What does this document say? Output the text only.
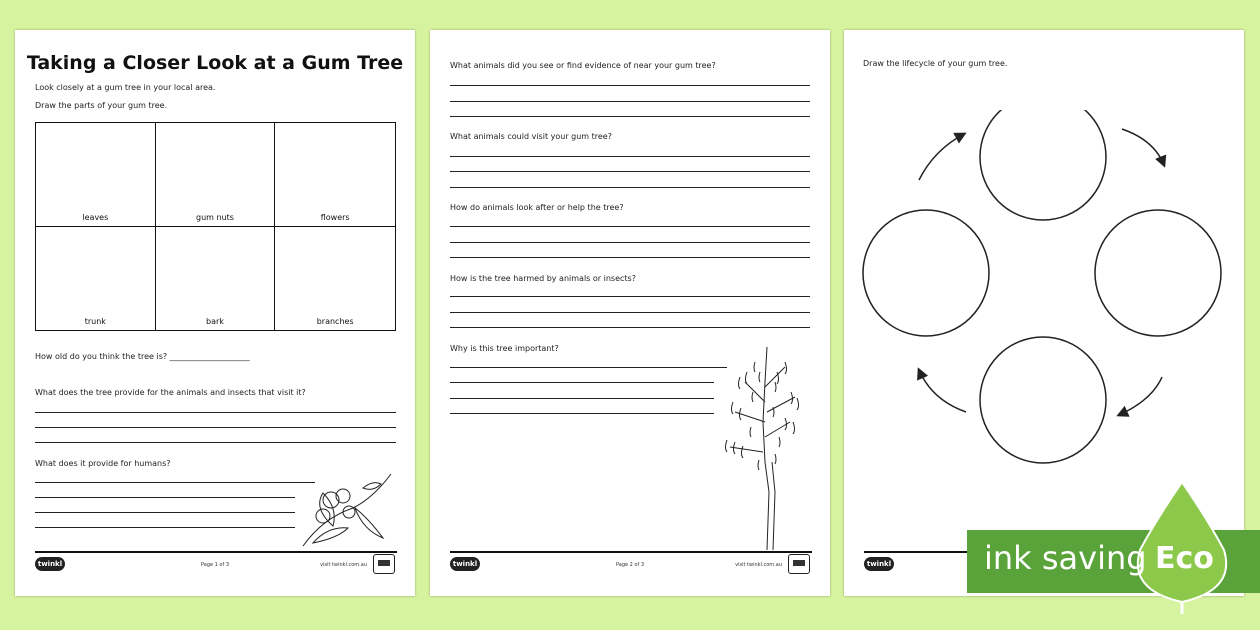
Taking a Closer Look at a Gum Tree
Look closely at a gum tree in your local area.
Draw the parts of your gum tree.
leaves	gum nuts	flowers
trunk	bark	branches
How old do you think the tree is? ____________________
What does the tree provide for the animals and insects that visit it?
What does it provide for humans?
twinkl	Page 1 of 3	visit twinkl.com.au
What animals did you see or find evidence of near your gum tree?
What animals could visit your gum tree?
How do animals look after or help the tree?
How is the tree harmed by animals or insects?
Why is this tree important?
twinkl	Page 2 of 3	visit twinkl.com.au
Draw the lifecycle of your gum tree.
twinkl	ink saving Eco
